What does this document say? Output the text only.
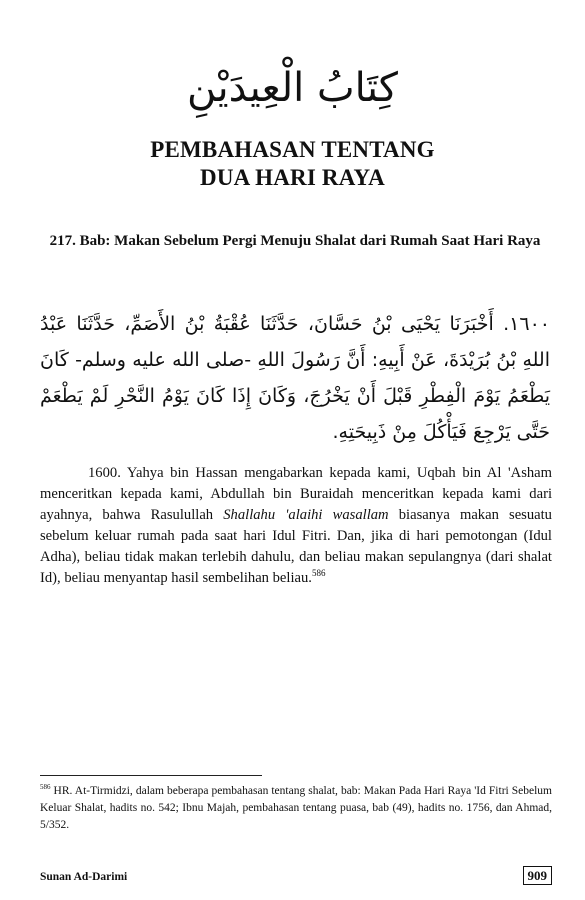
كِتَابُ الْعِيدَيْنِ
PEMBAHASAN TENTANG
DUA HARI RAYA
217. Bab: Makan Sebelum Pergi Menuju Shalat dari Rumah Saat Hari Raya
١٦٠٠. أَخْبَرَنَا يَحْيَى بْنُ حَسَّانَ، حَدَّثَنَا عُقْبَةُ بْنُ الأَصَمِّ، حَدَّثَنَا عَبْدُ اللهِ بْنُ بُرَيْدَةَ، عَنْ أَبِيهِ: أَنَّ رَسُولَ اللهِ -صلى الله عليه وسلم- كَانَ يَطْعَمُ يَوْمَ الْفِطْرِ قَبْلَ أَنْ يَخْرُجَ، وَكَانَ إِذَا كَانَ يَوْمُ النَّحْرِ لَمْ يَطْعَمْ حَتَّى يَرْجِعَ فَيَأْكُلَ مِنْ ذَبِيحَتِهِ.

1600. Yahya bin Hassan mengabarkan kepada kami, Uqbah bin Al 'Asham menceritkan kepada kami, Abdullah bin Buraidah menceritkan kepada kami dari ayahnya, bahwa Rasulullah Shallahu 'alaihi wasallam biasanya makan sesuatu sebelum keluar rumah pada saat hari Idul Fitri. Dan, jika di hari pemotongan (Idul Adha), beliau tidak makan terlebih dahulu, dan beliau makan sepulangnya (dari shalat Id), beliau menyantap hasil sembelihan beliau.$^{586}$

$^{586}$ HR. At-Tirmidzi, dalam beberapa pembahasan tentang shalat, bab: Makan Pada Hari Raya 'Id Fitri Sebelum Keluar Shalat, hadits no. 542; Ibnu Majah, pembahasan tentang puasa, bab (49), hadits no. 1756, dan Ahmad, 5/352.
Sunan Ad-Darimi	909
